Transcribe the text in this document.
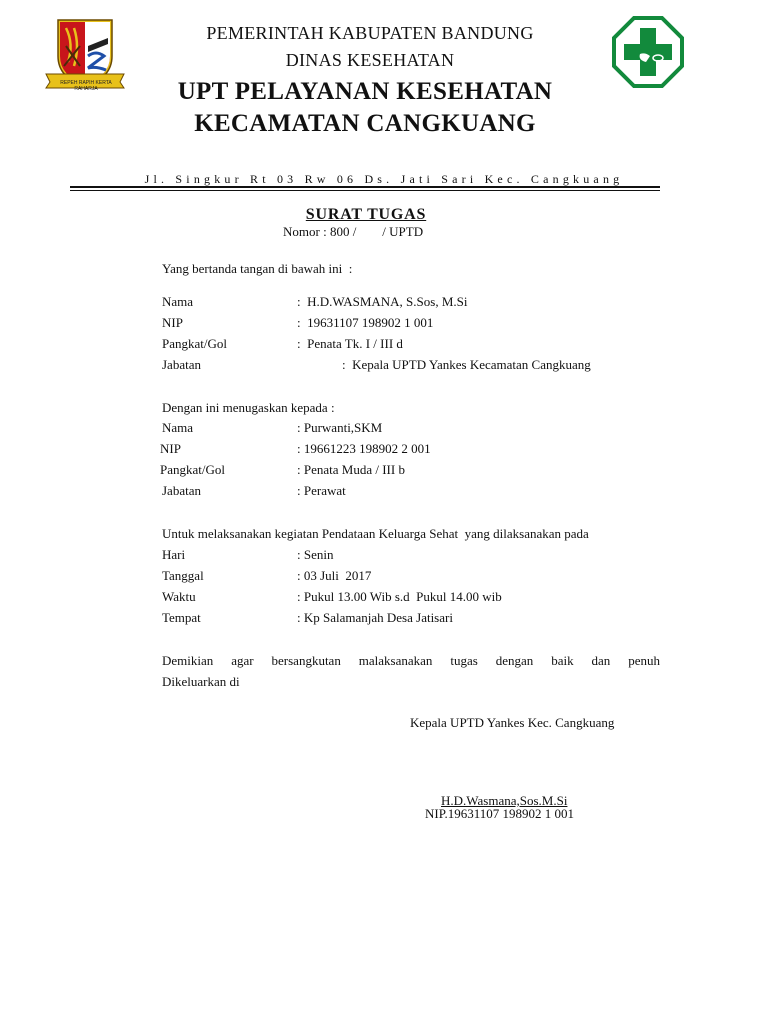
REPEH RAPIH KERTA RAHARJA
PEMERINTAH KABUPATEN BANDUNG
DINAS KESEHATAN
UPT PELAYANAN KESEHATAN
KECAMATAN CANGKUANG
Jl. Singkur Rt 03 Rw 06 Ds. Jati Sari Kec. Cangkuang
SURAT TUGAS
Nomor : 800 /        / UPTD
Yang bertanda tangan di bawah ini  :
Nama	:  H.D.WASMANA, S.Sos, M.Si
NIP	:  19631107 198902 1 001
Pangkat/Gol	:  Penata Tk. I / III d
Jabatan	:  Kepala UPTD Yankes Kecamatan Cangkuang
Dengan ini menugaskan kepada :
Nama	: Purwanti,SKM
NIP	: 19661223 198902 2 001
Pangkat/Gol	: Penata Muda / III b
Jabatan	: Perawat
Untuk melaksanakan kegiatan Pendataan Keluarga Sehat  yang dilaksanakan pada
Hari	: Senin
Tanggal	: 03 Juli  2017
Waktu	: Pukul 13.00 Wib s.d  Pukul 14.00 wib
Tempat	: Kp Salamanjah Desa Jatisari
Demikian agar bersangkutan malaksanakan tugas dengan baik dan penuh
Dikeluarkan di
Kepala UPTD Yankes Kec. Cangkuang
H.D.Wasmana,Sos.M.Si
NIP.19631107 198902 1 001
